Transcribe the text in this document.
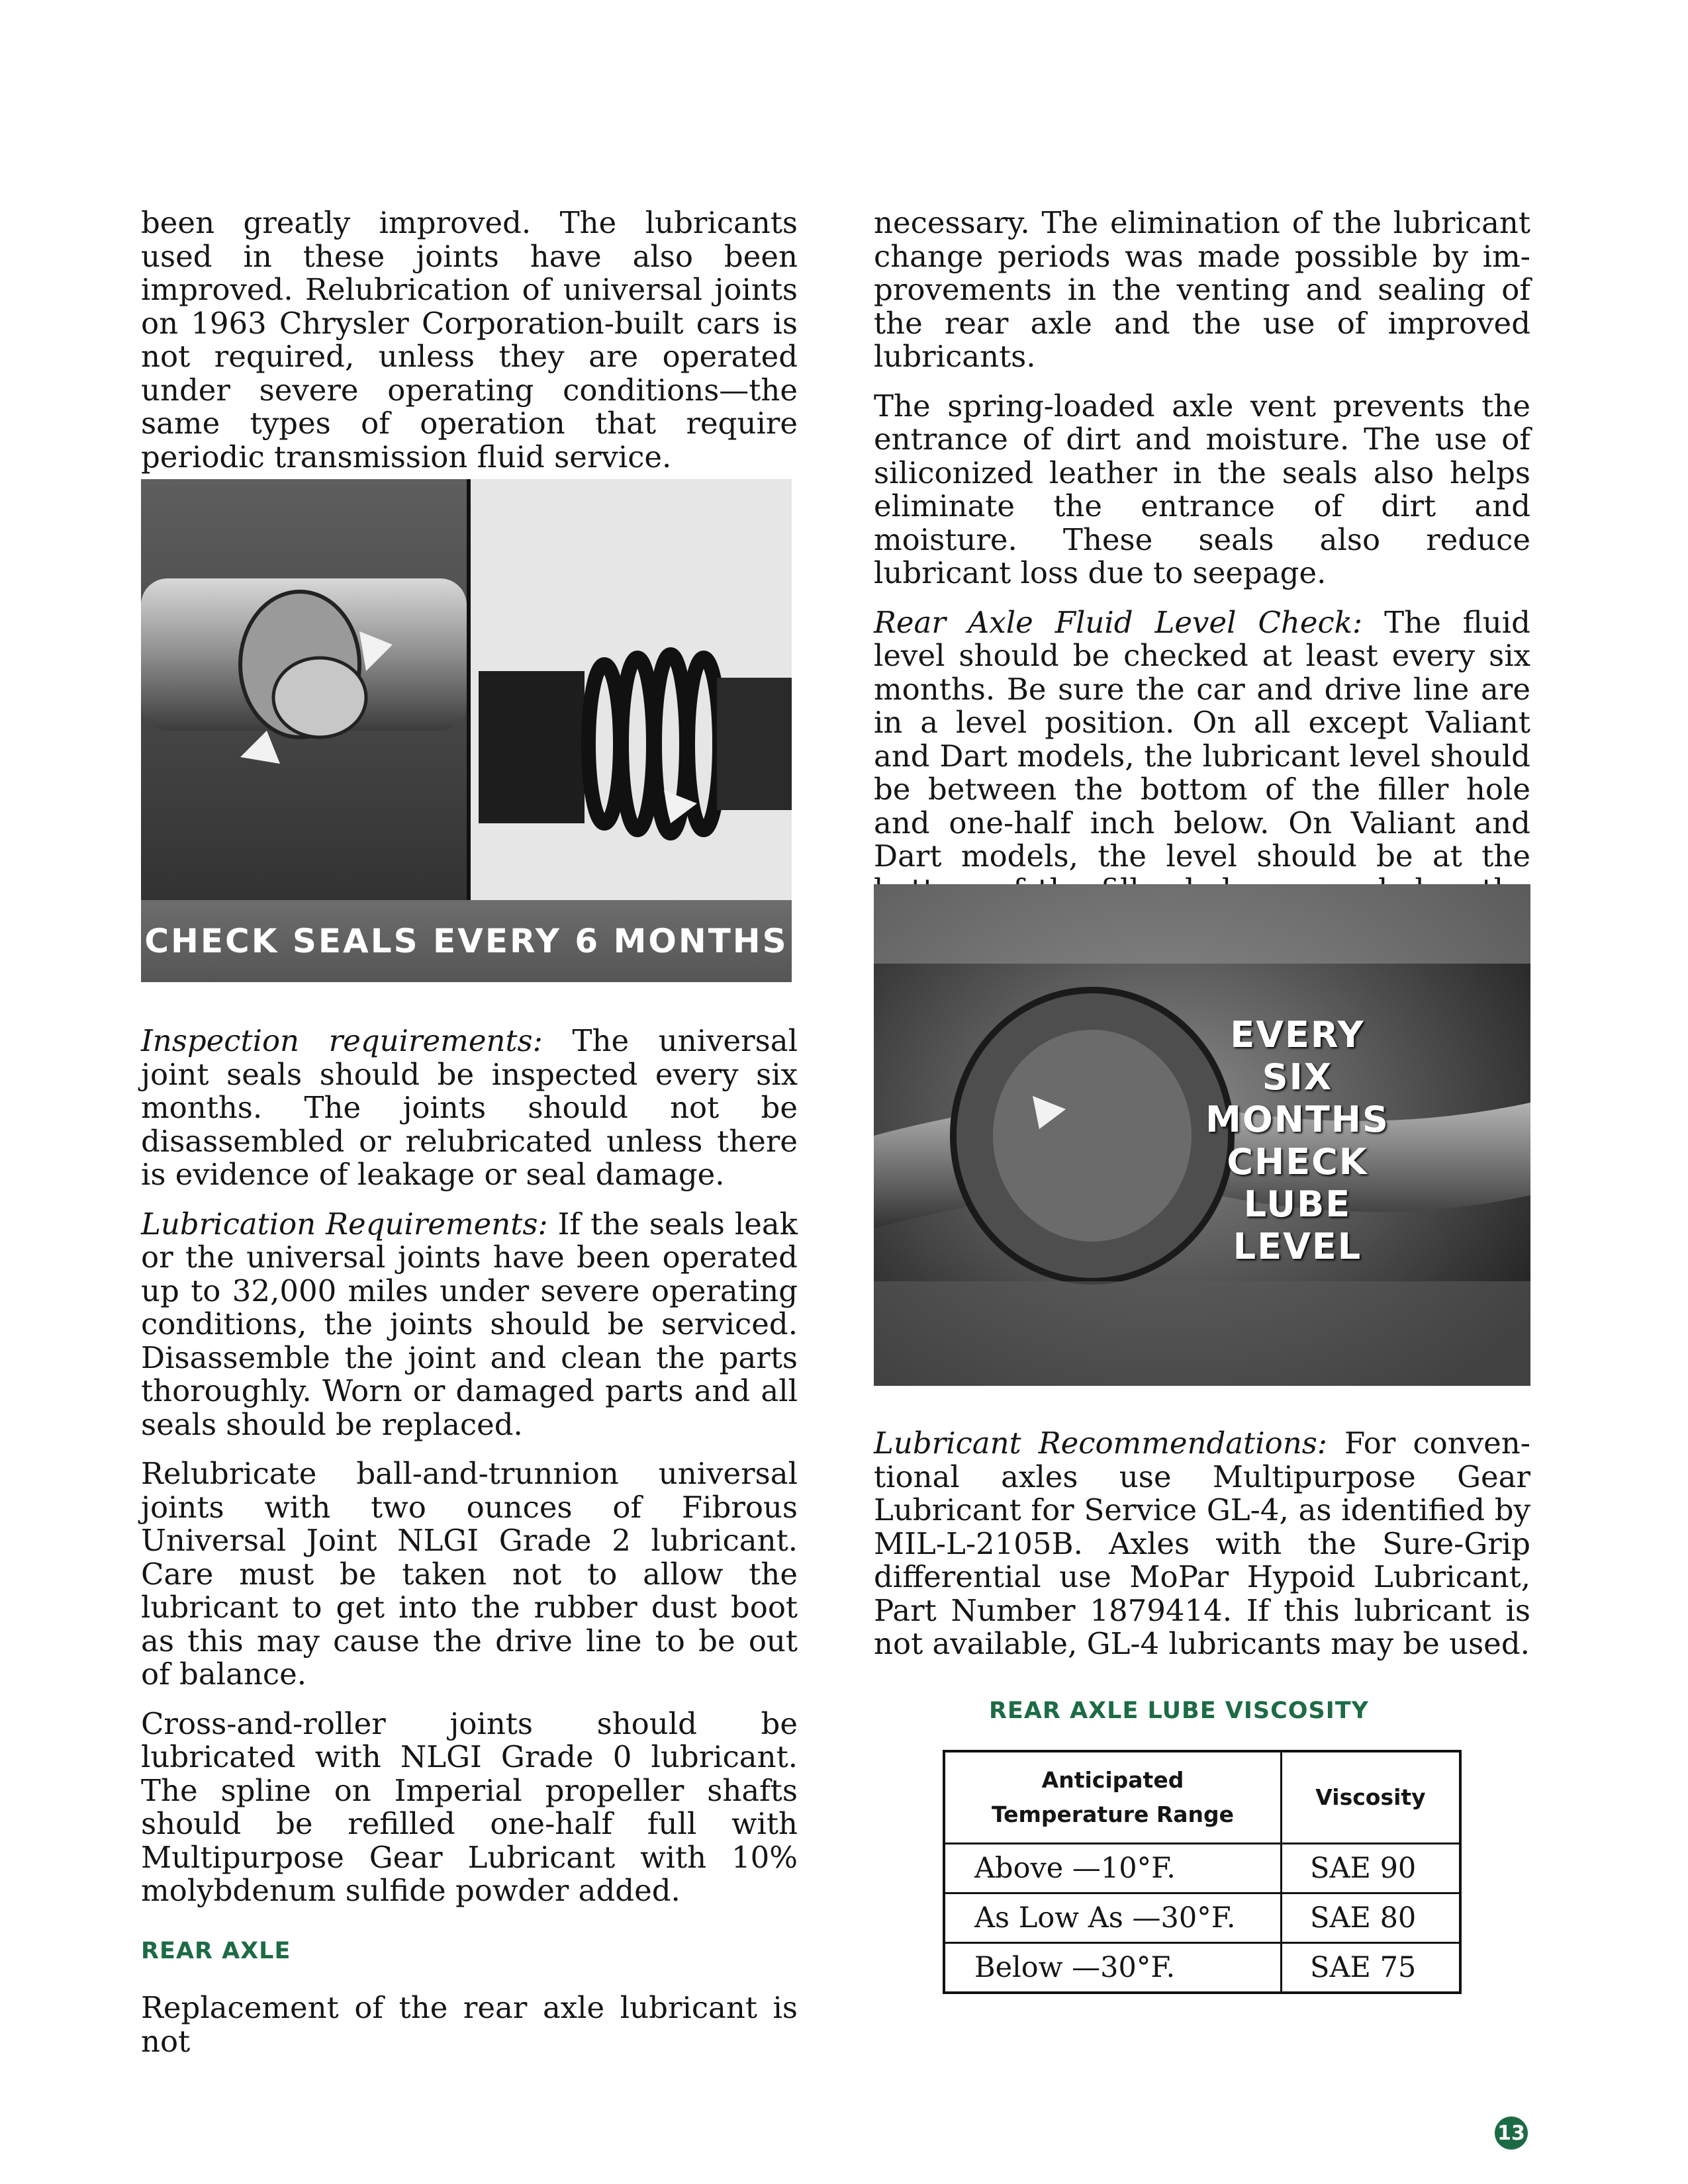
been greatly improved. The lubricants used in these joints have also been improved. Relubrication of universal joints on 1963 Chrysler Corporation-built cars is not required, unless they are operated under severe operating conditions—the same types of operation that require periodic transmission fluid service.

CHECK SEALS EVERY 6 MONTHS

Inspection requirements: The universal joint seals should be inspected every six months. The joints should not be disassembled or relubricated unless there is evidence of leakage or seal damage.

Lubrication Requirements: If the seals leak or the universal joints have been operated up to 32,000 miles under severe operating conditions, the joints should be serviced. Disassemble the joint and clean the parts thoroughly. Worn or damaged parts and all seals should be replaced.

Relubricate ball-and-trunnion universal joints with two ounces of Fibrous Universal Joint NLGI Grade 2 lubricant. Care must be taken not to allow the lubricant to get into the rubber dust boot as this may cause the drive line to be out of balance.

Cross-and-roller joints should be lubricated with NLGI Grade 0 lubricant. The spline on Imperial propeller shafts should be refilled one-half full with Multipurpose Gear Lubricant with 10% molybdenum sulfide powder added.

REAR AXLE

Replacement of the rear axle lubricant is not

necessary. The elimination of the lubricant change periods was made possible by improvements in the venting and sealing of the rear axle and the use of improved lubricants.

The spring-loaded axle vent prevents the entrance of dirt and moisture. The use of siliconized leather in the seals also helps eliminate the entrance of dirt and moisture. These seals also reduce lubricant loss due to seepage.

Rear Axle Fluid Level Check: The fluid level should be checked at least every six months. Be sure the car and drive line are in a level position. On all except Valiant and Dart models, the lubricant level should be between the bottom of the filler hole and one-half inch below. On Valiant and Dart models, the level should be at the

EVERY
SIX MONTHS
CHECK
LUBE LEVEL

Lubricant Recommendations: For conventional axles use Multipurpose Gear Lubricant for Service GL-4, as identified by MIL-L-2105B. Axles with the Sure-Grip differential use MoPar Hypoid Lubricant, Part Number 1879414. If this lubricant is not available, GL-4 lubricants may be used.

REAR AXLE LUBE VISCOSITY

Anticipated
Temperature Range	Viscosity
Above —10°F.	SAE 90
As Low As —30°F.	SAE 80
Below —30°F.	SAE 75
13
